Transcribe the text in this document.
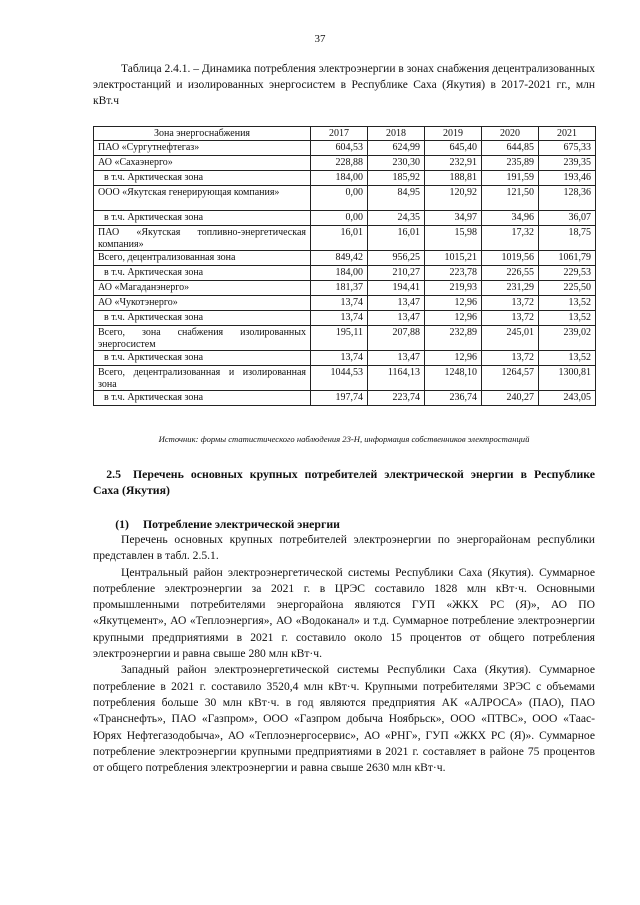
37

Таблица 2.4.1. – Динамика потребления электроэнергии в зонах снабжения децентрализованных электростанций и изолированных энергосистем в Республике Саха (Якутия) в 2017-2021 гг., млн кВт.ч

Зона энергоснабжения	2017	2018	2019	2020	2021
ПАО «Сургутнефтегаз»	604,53	624,99	645,40	644,85	675,33
АО «Сахаэнерго»	228,88	230,30	232,91	235,89	239,35
в т.ч. Арктическая зона	184,00	185,92	188,81	191,59	193,46
ООО «Якутская генерирующая компания»	0,00	84,95	120,92	121,50	128,36
в т.ч. Арктическая зона	0,00	24,35	34,97	34,96	36,07
ПАО «Якутская топливно-энергетическая компания»	16,01	16,01	15,98	17,32	18,75
Всего, децентрализованная зона	849,42	956,25	1015,21	1019,56	1061,79
в т.ч. Арктическая зона	184,00	210,27	223,78	226,55	229,53
АО «Магаданэнерго»	181,37	194,41	219,93	231,29	225,50
АО «Чукотэнерго»	13,74	13,47	12,96	13,72	13,52
в т.ч. Арктическая зона	13,74	13,47	12,96	13,72	13,52
Всего, зона снабжения изолированных энергосистем	195,11	207,88	232,89	245,01	239,02
в т.ч. Арктическая зона	13,74	13,47	12,96	13,72	13,52
Всего, децентрализованная и изолированная зона	1044,53	1164,13	1248,10	1264,57	1300,81
в т.ч. Арктическая зона	197,74	223,74	236,74	240,27	243,05
Источник: формы статистического наблюдения 23-Н, информация собственников электростанций
2.5 Перечень основных крупных потребителей электрической энергии в Республике Саха (Якутия)
(1) Потребление электрической энергии

Перечень основных крупных потребителей электроэнергии по энергорайонам республики представлен в табл. 2.5.1.

Центральный район электроэнергетической системы Республики Саха (Якутия). Суммарное потребление электроэнергии за 2021 г. в ЦРЭС составило 1828 млн кВт·ч. Основными промышленными потребителями энергорайона являются ГУП «ЖКХ РС (Я)», АО ПО «Якутцемент», АО «Теплоэнергия», АО «Водоканал» и т.д. Суммарное потребление электроэнергии крупными предприятиями в 2021 г. составило около 15 процентов от общего потребления электроэнергии и равна свыше 280 млн кВт·ч.

Западный район электроэнергетической системы Республики Саха (Якутия). Суммарное потребление в 2021 г. составило 3520,4 млн кВт·ч. Крупными потребителями ЗРЭС с объемами потребления больше 30 млн кВт·ч. в год являются предприятия АК «АЛРОСА» (ПАО), ПАО «Транснефть», ПАО «Газпром», ООО «Газпром добыча Ноябрьск», ООО «ПТВС», ООО «Таас-Юрях Нефтегазодобыча», АО «Теплоэнергосервис», АО «РНГ», ГУП «ЖКХ РС (Я)». Суммарное потребление электроэнергии крупными предприятиями в 2021 г. составляет в районе 75 процентов от общего потребления электроэнергии и равна свыше 2630 млн кВт·ч.
